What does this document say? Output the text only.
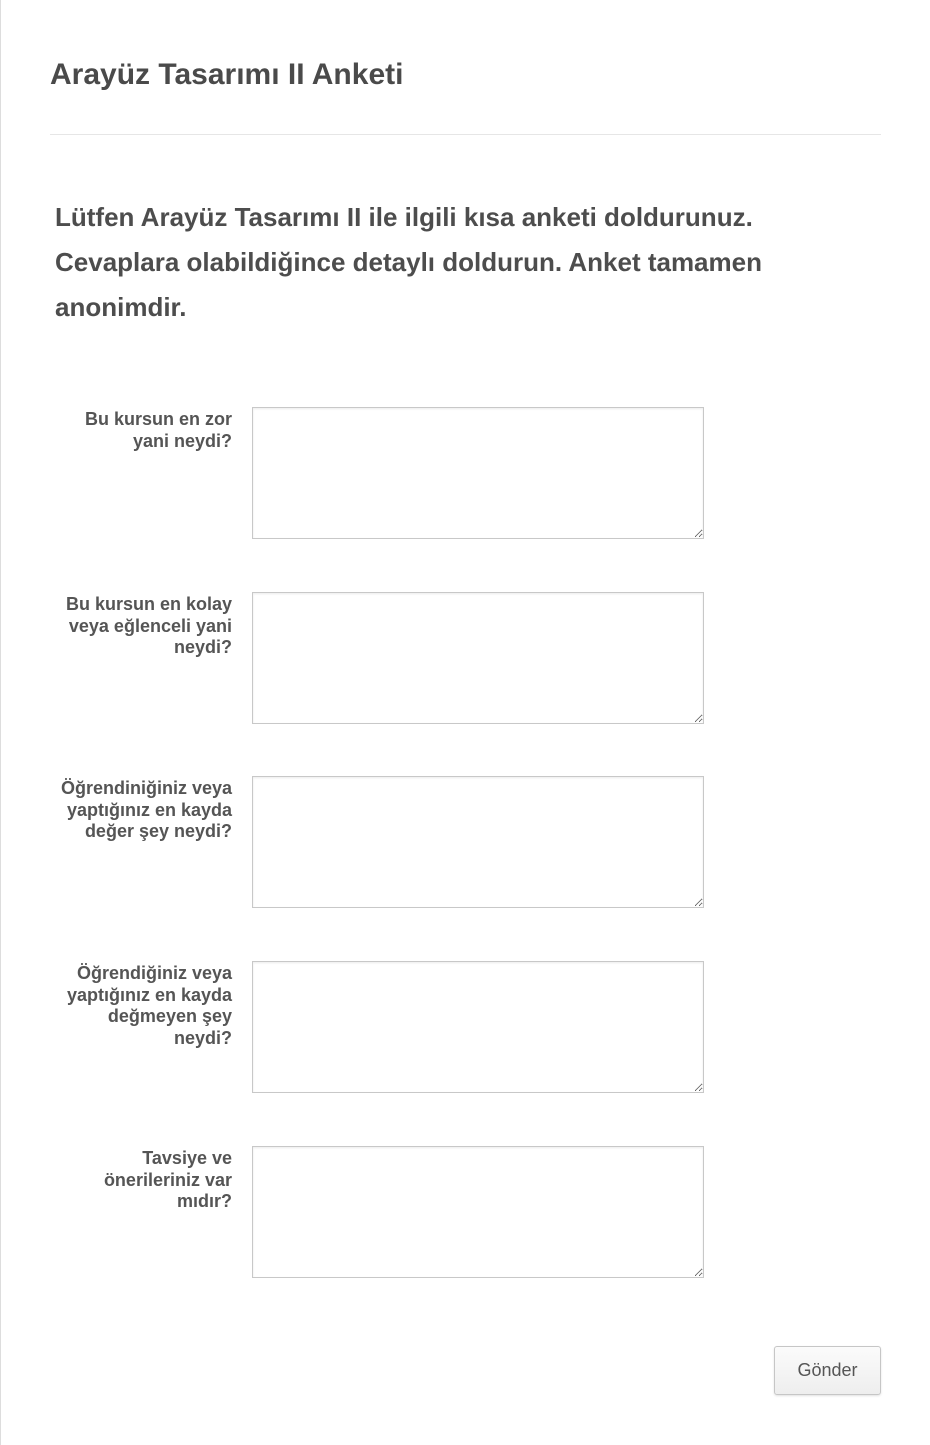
Arayüz Tasarımı II Anketi

Lütfen Arayüz Tasarımı II ile ilgili kısa anketi doldurunuz. Cevaplara olabildiğince detaylı doldurun. Anket tamamen anonimdir.

Bu kursun en zor yani neydi?
Bu kursun en kolay veya eğlenceli yani neydi?
Öğrendiniğiniz veya yaptığınız en kayda değer şey neydi?
Öğrendiğiniz veya yaptığınız en kayda değmeyen şey neydi?
Tavsiye ve önerileriniz var mıdır?
Gönder
